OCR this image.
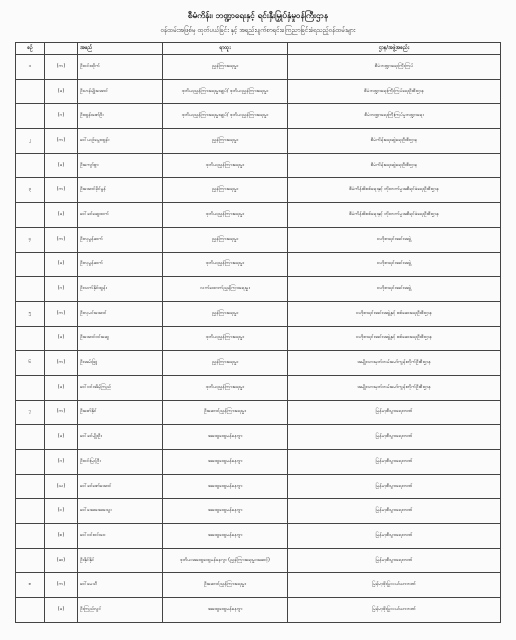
စီမံကိန်း၊ ဘဏ္ဍာရေးနှင့် ရင်းနှီးမြှုပ်နှံမှုဝန်ကြီးဌာန
ဝန်ထမ်းအဖြစ်မှ ထုတ်ပယ်ခြင်း နှင့် အရည်းပျက်စာရင်းကြေညာခြင်းခံရသည့်ဝန်ထမ်းများ
စဉ်		အမည်	ရာထူး	ဌာန/အဖွဲ့အစည်း
၁	(က)	ဦးဝင်းထိုက်	ညွှန်ကြားရေးမှူး	စီမံဘဏ္ဍာရေးကြီးကြပ်
	(ခ)	ဦးဟန်မျိုးအောင်	ဒုတိယညွှန်ကြားရေးမှူးချုပ်/ ဒုတိယညွှန်ကြားရေးမှူး	စီမံဘဏ္ဍာရေးကြီးကြပ်ရေးဦးစီးဌာန
	(ဂ)	ဦးထွန်းဇော်ဦး	ဒုတိယညွှန်ကြားရေးမှူးချုပ်/ ဒုတိယညွှန်ကြားရေးမှူး	စီမံဘဏ္ဍာရေးကြီးကြပ်မှုဘဏ္ဍာရေး
၂	(က)	ဒေါ်ယဉ်မွေးထွန်း	ညွှန်ကြားရေးမှူး	စီမံကိန်းရေးဆွဲရေးဦးစီးဌာန
	(ခ)	ဦးကျော်စွာ	ဒုတိယညွှန်ကြားရေးမှူး	စီမံကိန်းရေးဆွဲရေးဦးစီးဌာန
၃	(က)	ဦးအောင်ခိုင်မွန်	ညွှန်ကြားရေးမှူး	စီမံကိန်းစိစစ်ရေးနှင့် တိုးတက်မှုအစီရင်ခံရေးဦးစီးဌာန
	(ခ)	ဒေါ်ခင်ဆွေထက်	ဒုတိယညွှန်ကြားရေးမှူး	စီမံကိန်းစိစစ်ရေးနှင့် တိုးတက်မှုအစီရင်ခံရေးဦးစီးဌာန
၄	(က)	ဦးလှမွန်ဆက်	ညွှန်ကြားရေးမှူး	ဗဟိုစာရင်းအင်းအဖွဲ့
	(ခ)	ဦးလှမွန်ဆက်	ဒုတိယညွှန်ကြားရေးမှူး	ဗဟိုစာရင်းအင်းအဖွဲ့
	(ဂ)	ဦးသက်နိုင်ထွန်း	လက်ထောက်ညွှန်ကြားရေးမှူး	ဗဟိုစာရင်းအင်းအဖွဲ့
၅	(က)	ဦးလှမင်းအောင်	ညွှန်ကြားရေးမှူး	ဗဟိုစာရင်းအင်းအဖွဲ့နှင့် စစ်ဆေးရေးဦးစီးဌာန
	(ခ)	ဦးအောင်ဝင်းဆွေ	ဒုတိယညွှန်ကြားရေးမှူး	ဗဟိုစာရင်းအင်းအဖွဲ့နှင့် စစ်ဆေးရေးဦးစီးဌာန
၆	(က)	ဦးအမ်းဖြူ	ညွှန်ကြားရေးမှူး	အမျိုးသားမှတ်တမ်းမော်ကွန်းတိုက်ဦးစီးဌာန
	(ခ)	ဒေါ်ဝင်းအိမ့်ကြည်	ဒုတိယညွှန်ကြားရေးမှူး	အမျိုးသားမှတ်တမ်းမော်ကွန်းတိုက်ဦးစီးဌာန
၇	(က)	ဦးဇော်နိုင်	ဦးဆောင်ညွှန်ကြားရေးမှူး	မြန်မာ့စီးပွားရေးဘဏ်
	(ခ)	ဒေါ်ခင်မျိုးဦး	အထွေထွေမန်နေဂျာ	မြန်မာ့စီးပွားရေးဘဏ်
	(ဂ)	ဦးဝင်းမြင့်ဦး	အထွေထွေမန်နေဂျာ	မြန်မာ့စီးပွားရေးဘဏ်
	(ဃ)	ဒေါ်ခင်ဇော်အောင်	အထွေထွေမန်နေဂျာ	မြန်မာ့စီးပွားရေးဘဏ်
	(င)	ဒေါ်အေးအေးသွေး	အထွေထွေမန်နေဂျာ	မြန်မာ့စီးပွားရေးဘဏ်
	(စ)	ဒေါ်ဝင်းဝင်းဝေ	အထွေထွေမန်နေဂျာ	မြန်မာ့စီးပွားရေးဘဏ်
	(ဆ)	ဦးနိုင်နိုင်	ဒုတိယအထွေထွေမန်နေဂျာ (ညွှန်ကြားရေးမှူးအဆင့်)	မြန်မာ့စီးပွားရေးဘဏ်
၈	(က)	ဒေါ်မေသီ	ဦးဆောင်ညွှန်ကြားရေးမှူး	မြန်မာ့စိုးပြုလယ်ယာဘဏ်
	(ခ)	ဦးကြည်လွင်	အထွေထွေမန်နေဂျာ	မြန်မာ့စိုးပြုလယ်ယာဘဏ်
